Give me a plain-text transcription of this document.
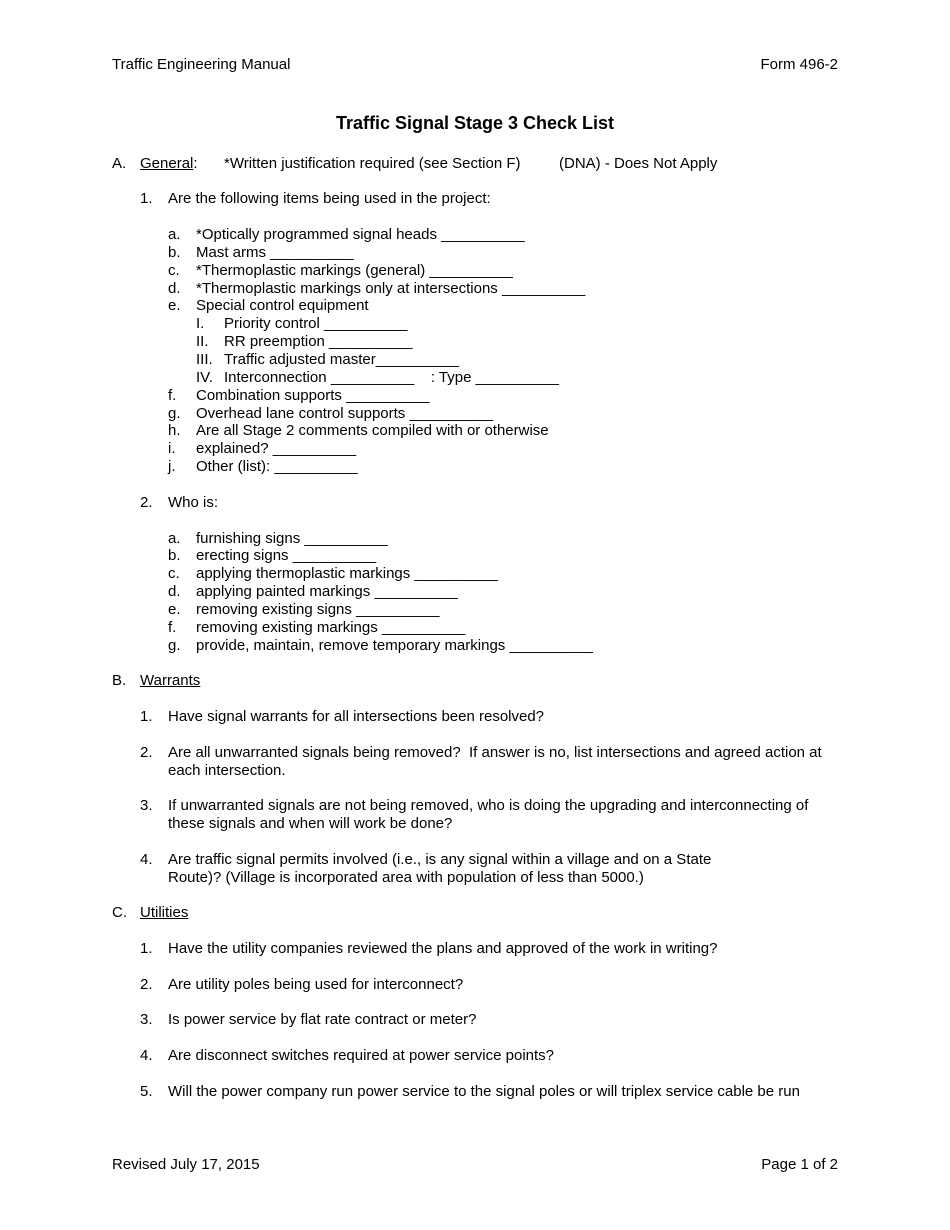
Traffic Engineering Manual	Form 496-2
Traffic Signal Stage 3 Check List
A. General: *Written justification required (see Section F)	(DNA) - Does Not Apply
1. Are the following items being used in the project:
a. *Optically programmed signal heads __________
b. Mast arms __________
c. *Thermoplastic markings (general) __________
d. *Thermoplastic markings only at intersections __________
e. Special control equipment
I. Priority control __________
II. RR preemption __________
III. Traffic adjusted master__________
IV. Interconnection __________    : Type __________
f. Combination supports __________
g. Overhead lane control supports __________
h. Are all Stage 2 comments compiled with or otherwise
i. explained? __________
j. Other (list): __________
2. Who is:
a. furnishing signs __________
b. erecting signs __________
c. applying thermoplastic markings __________
d. applying painted markings __________
e. removing existing signs __________
f. removing existing markings __________
g. provide, maintain, remove temporary markings __________
B. Warrants
1. Have signal warrants for all intersections been resolved?
2. Are all unwarranted signals being removed?  If answer is no, list intersections and agreed action at
each intersection.
3. If unwarranted signals are not being removed, who is doing the upgrading and interconnecting of
these signals and when will work be done?
4. Are traffic signal permits involved (i.e., is any signal within a village and on a State
Route)? (Village is incorporated area with population of less than 5000.)
C. Utilities
1. Have the utility companies reviewed the plans and approved of the work in writing?
2. Are utility poles being used for interconnect?
3. Is power service by flat rate contract or meter?
4. Are disconnect switches required at power service points?
5. Will the power company run power service to the signal poles or will triplex service cable be run
Revised July 17, 2015	Page 1 of 2
